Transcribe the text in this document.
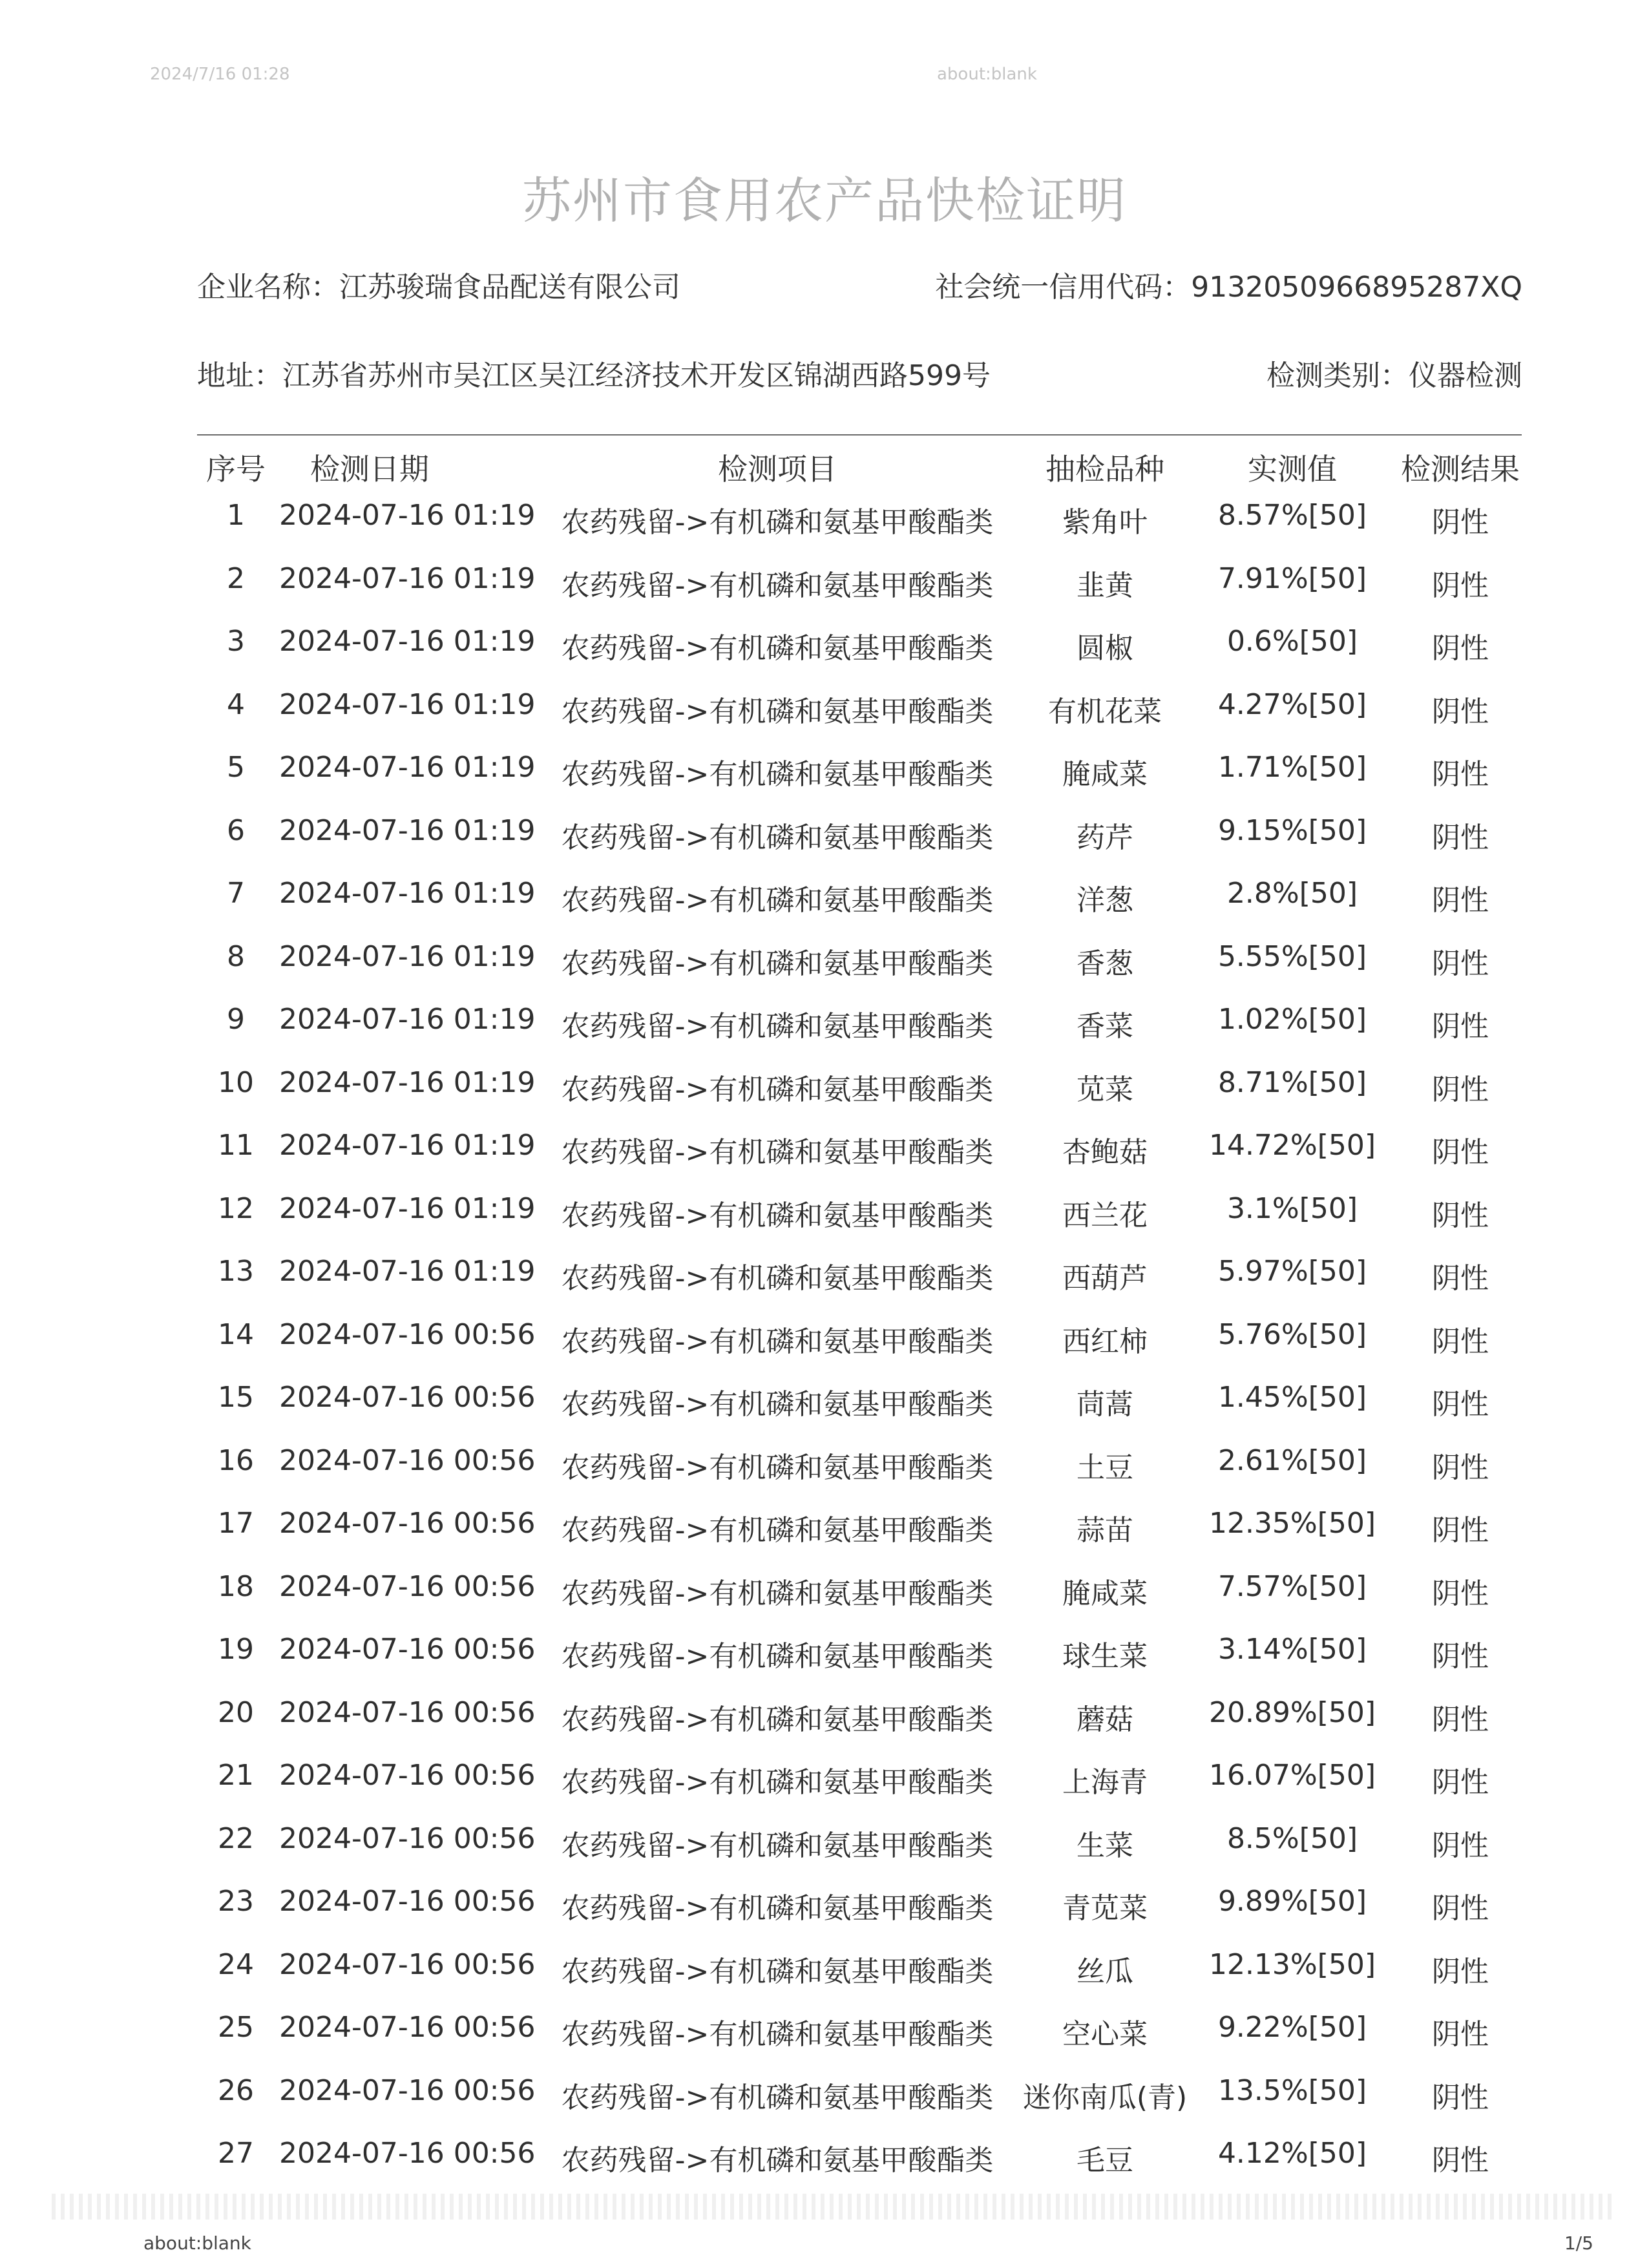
2024/7/16 01:28	about:blank
苏州市食用农产品快检证明
企业名称：江苏骏瑞食品配送有限公司	社会统一信用代码：913205096689528​7XQ
地址：江苏省苏州市吴江区吴江经济技术开发区锦湖西路599号	检测类别：仪器检测
序号	检测日期	检测项目	抽检品种	实测值	检测结果
1	2024-07-16 01:19 农药残留->有机磷和氨基甲酸酯类	紫角叶	8.57%[50]	阴性
2	2024-07-16 01:19 农药残留->有机磷和氨基甲酸酯类	韭黄	7.91%[50]	阴性
3	2024-07-16 01:19 农药残留->有机磷和氨基甲酸酯类	圆椒	0.6%[50]	阴性
4	2024-07-16 01:19 农药残留->有机磷和氨基甲酸酯类	有机花菜	4.27%[50]	阴性
5	2024-07-16 01:19 农药残留->有机磷和氨基甲酸酯类	腌咸菜	1.71%[50]	阴性
6	2024-07-16 01:19 农药残留->有机磷和氨基甲酸酯类	药芹	9.15%[50]	阴性
7	2024-07-16 01:19 农药残留->有机磷和氨基甲酸酯类	洋葱	2.8%[50]	阴性
8	2024-07-16 01:19 农药残留->有机磷和氨基甲酸酯类	香葱	5.55%[50]	阴性
9	2024-07-16 01:19 农药残留->有机磷和氨基甲酸酯类	香菜	1.02%[50]	阴性
10 2024-07-16 01:19 农药残留->有机磷和氨基甲酸酯类	苋菜	8.71%[50]	阴性
11 2024-07-16 01:19 农药残留->有机磷和氨基甲酸酯类	杏鲍菇	14.72%[50]	阴性
12 2024-07-16 01:19 农药残留->有机磷和氨基甲酸酯类	西兰花	3.1%[50]	阴性
13 2024-07-16 01:19 农药残留->有机磷和氨基甲酸酯类	西葫芦	5.97%[50]	阴性
14 2024-07-16 00:56 农药残留->有机磷和氨基甲酸酯类	西红柿	5.76%[50]	阴性
15 2024-07-16 00:56 农药残留->有机磷和氨基甲酸酯类	茼蒿	1.45%[50]	阴性
16 2024-07-16 00:56 农药残留->有机磷和氨基甲酸酯类	土豆	2.61%[50]	阴性
17 2024-07-16 00:56 农药残留->有机磷和氨基甲酸酯类	蒜苗	12.35%[50]	阴性
18 2024-07-16 00:56 农药残留->有机磷和氨基甲酸酯类	腌咸菜	7.57%[50]	阴性
19 2024-07-16 00:56 农药残留->有机磷和氨基甲酸酯类	球生菜	3.14%[50]	阴性
20 2024-07-16 00:56 农药残留->有机磷和氨基甲酸酯类	蘑菇	20.89%[50]	阴性
21 2024-07-16 00:56 农药残留->有机磷和氨基甲酸酯类	上海青	16.07%[50]	阴性
22 2024-07-16 00:56 农药残留->有机磷和氨基甲酸酯类	生菜	8.5%[50]	阴性
23 2024-07-16 00:56 农药残留->有机磷和氨基甲酸酯类	青苋菜	9.89%[50]	阴性
24 2024-07-16 00:56 农药残留->有机磷和氨基甲酸酯类	丝瓜	12.13%[50]	阴性
25 2024-07-16 00:56 农药残留->有机磷和氨基甲酸酯类	空心菜	9.22%[50]	阴性
26 2024-07-16 00:56 农药残留->有机磷和氨基甲酸酯类	迷你南瓜(青)	13.5%[50]	阴性
27 2024-07-16 00:56 农药残留->有机磷和氨基甲酸酯类	毛豆	4.12%[50]	阴性
about:blank	1/5
